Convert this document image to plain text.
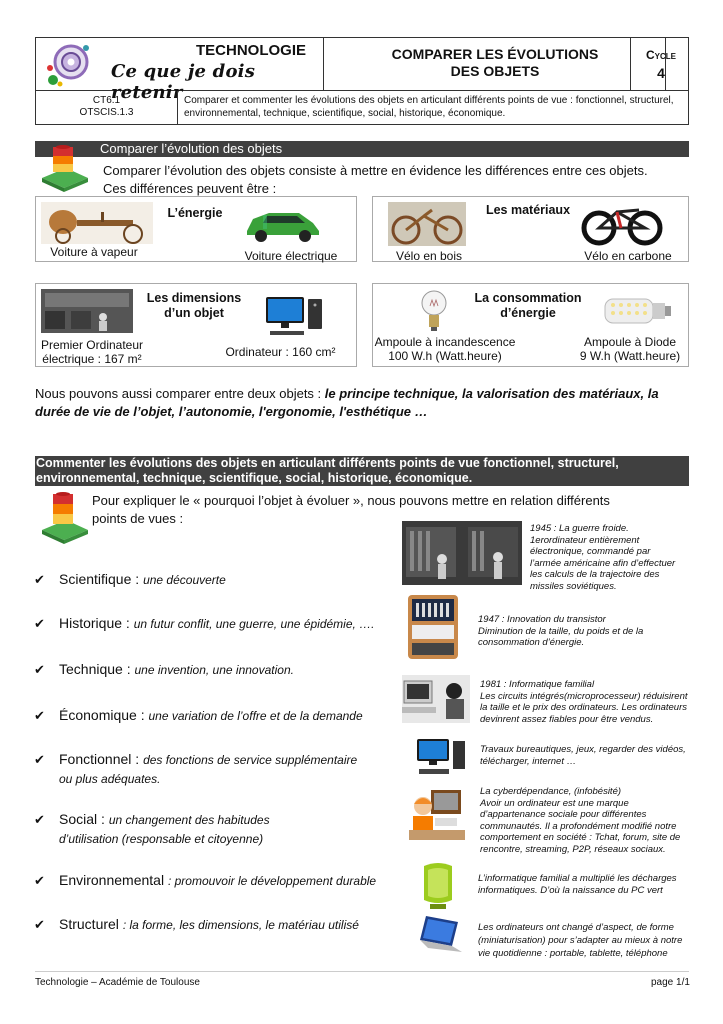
TECHNOLOGIE
Ce que je dois retenir
COMPARER LES ÉVOLUTIONS
DES OBJETS
Cycle
4
CT6.1
OTSCIS.1.3
Comparer et commenter les évolutions des objets en articulant différents points de vue : fonctionnel, structurel, environnemental, technique, scientifique, social, historique, économique.
Comparer l’évolution des objets
Comparer l’évolution des objets consiste à mettre en évidence les différences entre ces objets.
Ces différences peuvent être :
L’énergie
Voiture à vapeur	Voiture électrique
Les matériaux
Vélo en bois	Vélo en carbone
Les dimensions
d’un objet
Premier Ordinateur
électrique : 167 m²	Ordinateur : 160 cm²
La consommation
d’énergie
Ampoule à incandescence
100 W.h (Watt.heure)
Ampoule à Diode
9 W.h (Watt.heure)
Nous pouvons aussi comparer entre deux objets : le principe technique, la valorisation des matériaux, la
durée de vie de l’objet, l’autonomie, l'ergonomie, l'esthétique …
Commenter les évolutions des objets en articulant différents points de vue fonctionnel, structurel,
environnemental, technique, scientifique, social, historique, économique.
Pour expliquer le « pourquoi l’objet à évoluer », nous pouvons mettre en relation différents
points de vues :
✔ Scientifique : une découverte
✔ Historique : un futur conflit, une guerre, une épidémie, ….
✔ Technique : une invention, une innovation.
✔ Économique : une variation de l’offre et de la demande
✔ Fonctionnel : des fonctions de service supplémentaire
ou plus adéquates.
✔ Social : un changement des habitudes
d’utilisation (responsable et citoyenne)
✔ Environnemental : promouvoir le développement durable
✔ Structurel : la forme, les dimensions, le matériau utilisé
1945 : La guerre froide.
1erordinateur entièrement
électronique, commandé par
l’armée américaine afin d’effectuer
les calculs de la trajectoire des
missiles soviétiques.
1947 : Innovation du transistor
Diminution de la taille, du poids et de la
consommation d’énergie.
1981 : Informatique familial
Les circuits intégrés(microprocesseur) réduisirent
la taille et le prix des ordinateurs. Les ordinateurs
devinrent assez fiables pour être vendus.
Travaux bureautiques, jeux, regarder des vidéos,
télécharger, internet …
La cyberdépendance, (infobésité)
Avoir un ordinateur est une marque
d’appartenance sociale pour différentes
communautés. Il a profondément modifié notre
comportement en société : Tchat, forum, site de
rencontre, streaming, P2P, réseaux sociaux.
L’informatique familial a multiplié les décharges
informatiques. D’où la naissance du PC vert
Les ordinateurs ont changé d’aspect, de forme
(miniaturisation) pour s’adapter au mieux à notre
vie quotidienne : portable, tablette, téléphone
Technologie – Académie de Toulouse	page 1/1
